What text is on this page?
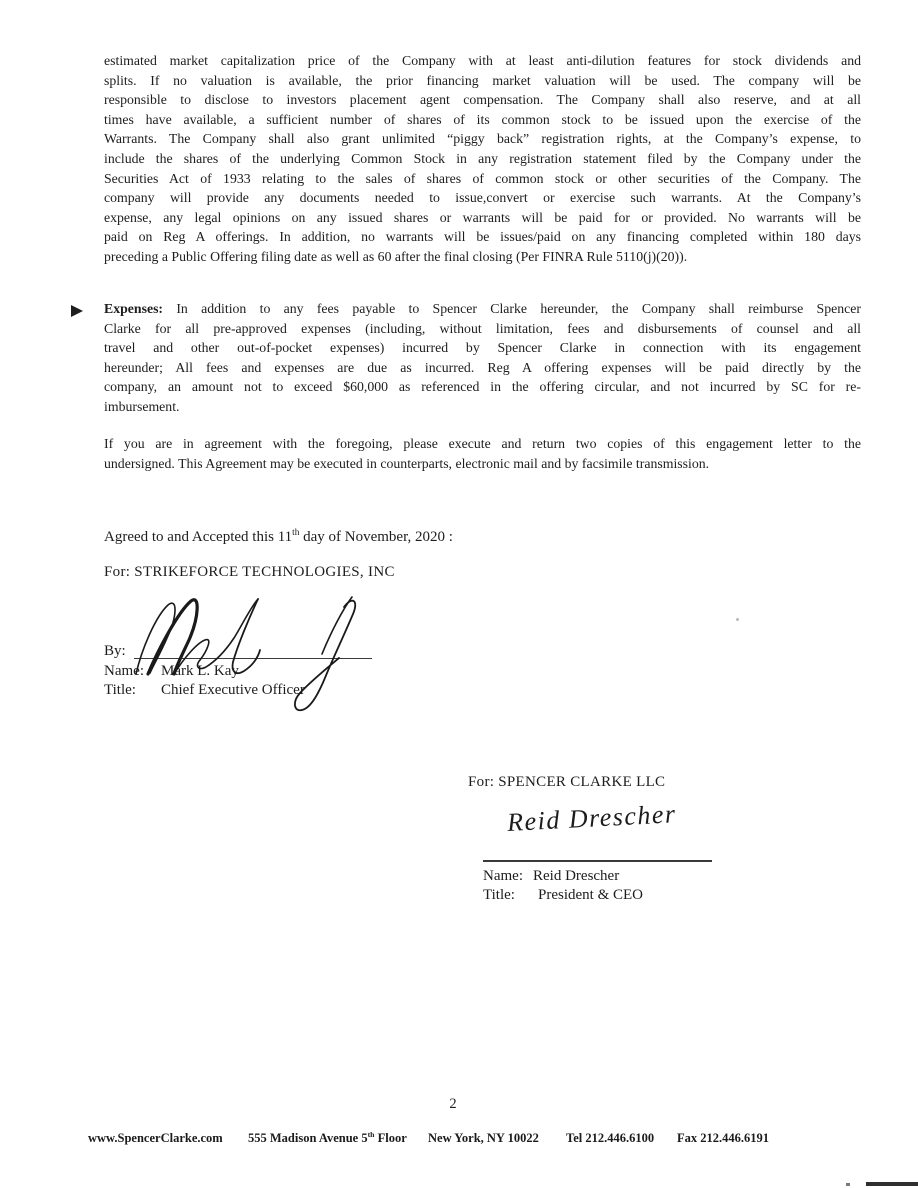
estimated market capitalization price of the Company with at least anti-dilution features for stock dividends and
splits. If no valuation is available, the prior financing market valuation will be used. The company will be
responsible to disclose to investors placement agent compensation. The Company shall also reserve, and at all
times have available, a sufficient number of shares of its common stock to be issued upon the exercise of the
Warrants. The Company shall also grant unlimited “piggy back” registration rights, at the Company’s expense, to
include the shares of the underlying Common Stock in any registration statement filed by the Company under the
Securities Act of 1933 relating to the sales of shares of common stock or other securities of the Company. The
company will provide any documents needed to issue,convert or exercise such warrants. At the Company’s
expense, any legal opinions on any issued shares or warrants will be paid for or provided. No warrants will be
paid on Reg A offerings. In addition, no warrants will be issues/paid on any financing completed within 180 days
preceding a Public Offering filing date as well as 60 after the final closing (Per FINRA Rule 5110(j)(20)).
Expenses: In addition to any fees payable to Spencer Clarke hereunder, the Company shall reimburse Spencer
Clarke for all pre-approved expenses (including, without limitation, fees and disbursements of counsel and all
travel and other out-of-pocket expenses) incurred by Spencer Clarke in connection with its engagement
hereunder; All fees and expenses are due as incurred. Reg A offering expenses will be paid directly by the
company, an amount not to exceed $60,000 as referenced in the offering circular, and not incurred by SC for re-
imbursement.
If you are in agreement with the foregoing, please execute and return two copies of this engagement letter to the
undersigned. This Agreement may be executed in counterparts, electronic mail and by facsimile transmission.
Agreed to and Accepted this 11th day of November, 2020 :
For: STRIKEFORCE TECHNOLOGIES, INC
By:
Name: Mark L. Kay
Title: Chief Executive Officer
For: SPENCER CLARKE LLC
Reid Drescher
Name: Reid Drescher
Title: President & CEO
2
www.SpencerClarke.com 555 Madison Avenue 5th Floor New York, NY 10022 Tel 212.446.6100 Fax 212.446.6191
